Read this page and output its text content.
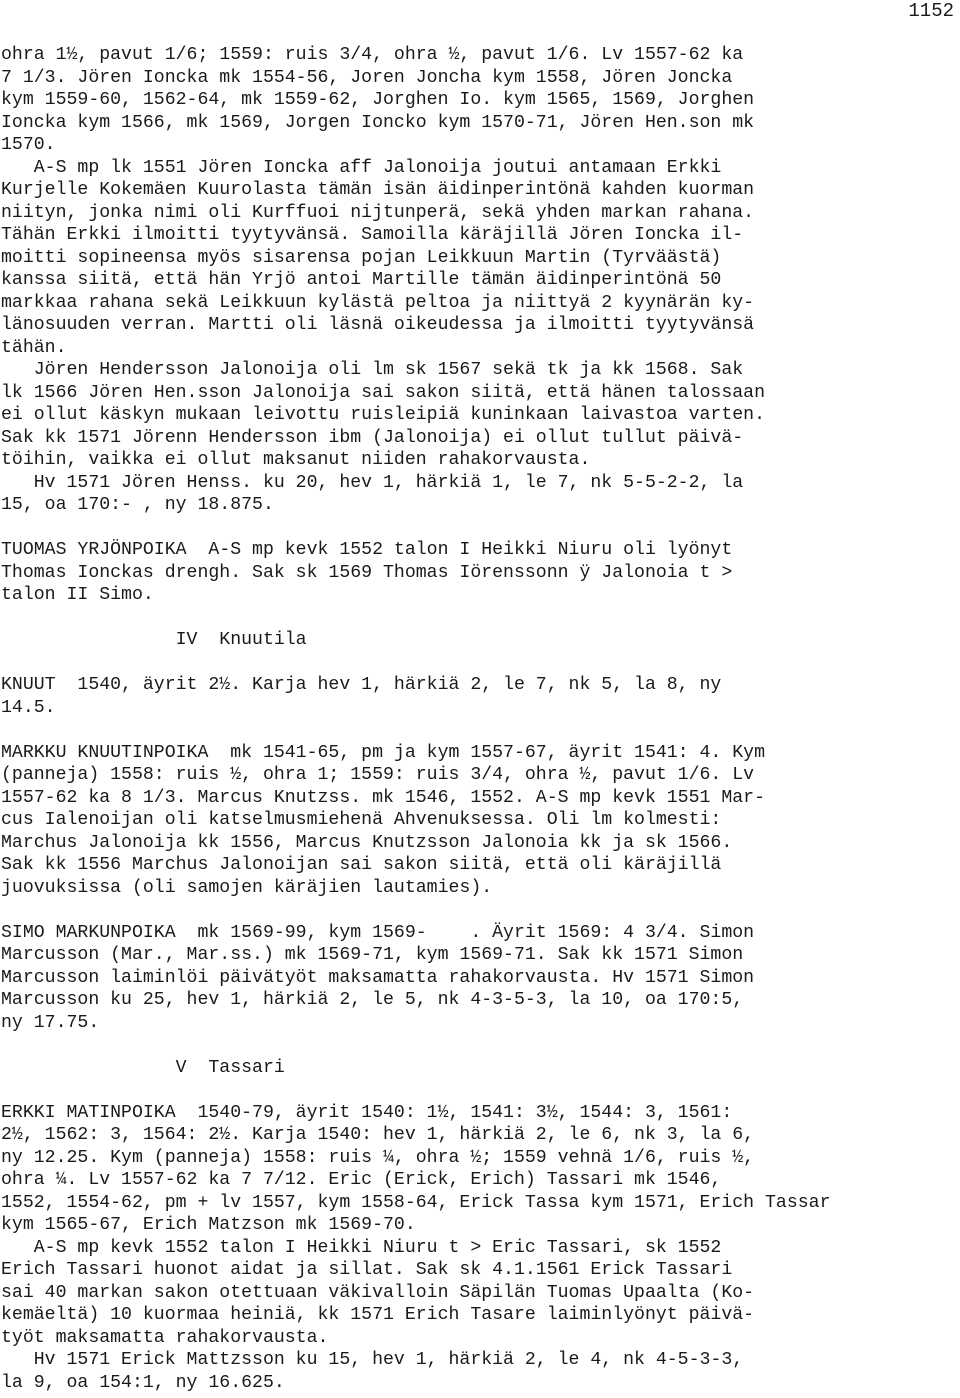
1152
ohra 1½, pavut 1/6; 1559: ruis 3/4, ohra ½, pavut 1/6. Lv 1557-62 ka
7 1/3. Jören Ioncka mk 1554-56, Joren Joncha kym 1558, Jören Joncka
kym 1559-60, 1562-64, mk 1559-62, Jorghen Io. kym 1565, 1569, Jorghen
Ioncka kym 1566, mk 1569, Jorgen Ioncko kym 1570-71, Jören Hen.son mk
1570.
A-S mp lk 1551 Jören Ioncka aff Jalonoija joutui antamaan Erkki
Kurjelle Kokemäen Kuurolasta tämän isän äidinperintönä kahden kuorman
niityn, jonka nimi oli Kurffuoi nijtunperä, sekä yhden markan rahana.
Tähän Erkki ilmoitti tyytyvänsä. Samoilla käräjillä Jören Ioncka il-
moitti sopineensa myös sisarensa pojan Leikkuun Martin (Tyrväästä)
kanssa siitä, että hän Yrjö antoi Martille tämän äidinperintönä 50
markkaa rahana sekä Leikkuun kylästä peltoa ja niittyä 2 kyynärän ky-
länosuuden verran. Martti oli läsnä oikeudessa ja ilmoitti tyytyvänsä
tähän.
Jören Hendersson Jalonoija oli lm sk 1567 sekä tk ja kk 1568. Sak
lk 1566 Jören Hen.sson Jalonoija sai sakon siitä, että hänen talossaan
ei ollut käskyn mukaan leivottu ruisleipiä kuninkaan laivastoa varten.
Sak kk 1571 Jörenn Hendersson ibm (Jalonoija) ei ollut tullut päivä-
töihin, vaikka ei ollut maksanut niiden rahakorvausta.
Hv 1571 Jören Henss. ku 20, hev 1, härkiä 1, le 7, nk 5-5-2-2, la
15, oa 170:- , ny 18.875.
TUOMAS YRJÖNPOIKA  A-S mp kevk 1552 talon I Heikki Niuru oli lyönyt
Thomas Ionckas drengh. Sak sk 1569 Thomas Iörenssonn ÿ Jalonoia t >
talon II Simo.
IV  Knuutila
KNUUT  1540, äyrit 2½. Karja hev 1, härkiä 2, le 7, nk 5, la 8, ny
14.5.
MARKKU KNUUTINPOIKA  mk 1541-65, pm ja kym 1557-67, äyrit 1541: 4. Kym
(panneja) 1558: ruis ½, ohra 1; 1559: ruis 3/4, ohra ½, pavut 1/6. Lv
1557-62 ka 8 1/3. Marcus Knutzss. mk 1546, 1552. A-S mp kevk 1551 Mar-
cus Ialenoijan oli katselmusmiehenä Ahvenuksessa. Oli lm kolmesti:
Marchus Jalonoija kk 1556, Marcus Knutzsson Jalonoia kk ja sk 1566.
Sak kk 1556 Marchus Jalonoijan sai sakon siitä, että oli käräjillä
juovuksissa (oli samojen käräjien lautamies).
SIMO MARKUNPOIKA  mk 1569-99, kym 1569-    . Äyrit 1569: 4 3/4. Simon
Marcusson (Mar., Mar.ss.) mk 1569-71, kym 1569-71. Sak kk 1571 Simon
Marcusson laiminlöi päivätyöt maksamatta rahakorvausta. Hv 1571 Simon
Marcusson ku 25, hev 1, härkiä 2, le 5, nk 4-3-5-3, la 10, oa 170:5,
ny 17.75.
V  Tassari
ERKKI MATINPOIKA  1540-79, äyrit 1540: 1½, 1541: 3½, 1544: 3, 1561:
2½, 1562: 3, 1564: 2½. Karja 1540: hev 1, härkiä 2, le 6, nk 3, la 6,
ny 12.25. Kym (panneja) 1558: ruis ¼, ohra ½; 1559 vehnä 1/6, ruis ½,
ohra ¼. Lv 1557-62 ka 7 7/12. Eric (Erick, Erich) Tassari mk 1546,
1552, 1554-62, pm + lv 1557, kym 1558-64, Erick Tassa kym 1571, Erich Tassar
kym 1565-67, Erich Matzson mk 1569-70.
A-S mp kevk 1552 talon I Heikki Niuru t > Eric Tassari, sk 1552
Erich Tassari huonot aidat ja sillat. Sak sk 4.1.1561 Erick Tassari
sai 40 markan sakon otettuaan väkivalloin Säpilän Tuomas Upaalta (Ko-
kemäeltä) 10 kuormaa heiniä, kk 1571 Erich Tasare laiminlyönyt päivä-
työt maksamatta rahakorvausta.
Hv 1571 Erick Mattzsson ku 15, hev 1, härkiä 2, le 4, nk 4-5-3-3,
la 9, oa 154:1, ny 16.625.
